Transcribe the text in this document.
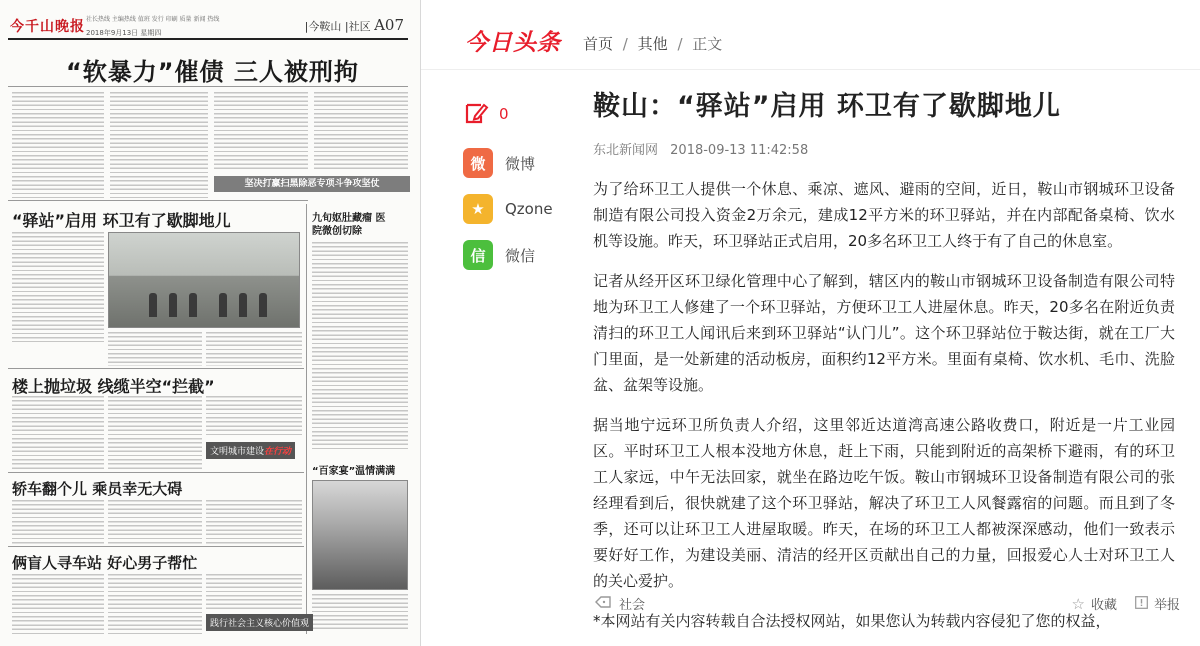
今千山晚报 社长热线 主编热线 值班 发行 印刷 质量 新闻 热线
2018年9月13日 星期四	|今鞍山 |社区 A07
“软暴力”催债 三人被刑拘
坚决打赢扫黑除恶专项斗争攻坚仗
“驿站”启用 环卫有了歇脚地儿	九旬妪肚藏瘤 医院微创切除
楼上抛垃圾 线缆半空“拦截”
文明城市建设在行动
轿车翻个儿 乘员幸无大碍
“百家宴”温情满满
俩盲人寻车站 好心男子帮忙
践行社会主义核心价值观
今日头条 首页 / 其他 / 正文
0
微	微博
★	Qzone
信	微信
鞍山：“驿站”启用 环卫有了歇脚地儿
东北新闻网 2018-09-13 11:42:58

为了给环卫工人提供一个休息、乘凉、遮风、避雨的空间，近日，鞍山市钢城环卫设备制造有限公司投入资金2万余元，建成12平方米的环卫驿站，并在内部配备桌椅、饮水机等设施。昨天，环卫驿站正式启用，20多名环卫工人终于有了自己的休息室。

记者从经开区环卫绿化管理中心了解到，辖区内的鞍山市钢城环卫设备制造有限公司特地为环卫工人修建了一个环卫驿站，方便环卫工人进屋休息。昨天，20多名在附近负责清扫的环卫工人闻讯后来到环卫驿站“认门儿”。这个环卫驿站位于鞍达街，就在工厂大门里面，是一处新建的活动板房，面积约12平方米。里面有桌椅、饮水机、毛巾、洗脸盆、盆架等设施。

据当地宁远环卫所负责人介绍，这里邻近达道湾高速公路收费口，附近是一片工业园区。平时环卫工人根本没地方休息，赶上下雨，只能到附近的高架桥下避雨，有的环卫工人家远，中午无法回家，就坐在路边吃午饭。鞍山市钢城环卫设备制造有限公司的张经理看到后，很快就建了这个环卫驿站，解决了环卫工人风餐露宿的问题。而且到了冬季，还可以让环卫工人进屋取暖。昨天，在场的环卫工人都被深深感动，他们一致表示要好好工作，为建设美丽、清洁的经开区贡献出自己的力量，回报爱心人士对环卫工人的关心爱护。

*本网站有关内容转载自合法授权网站，如果您认为转载内容侵犯了您的权益，

社会	☆ 收藏	举报
